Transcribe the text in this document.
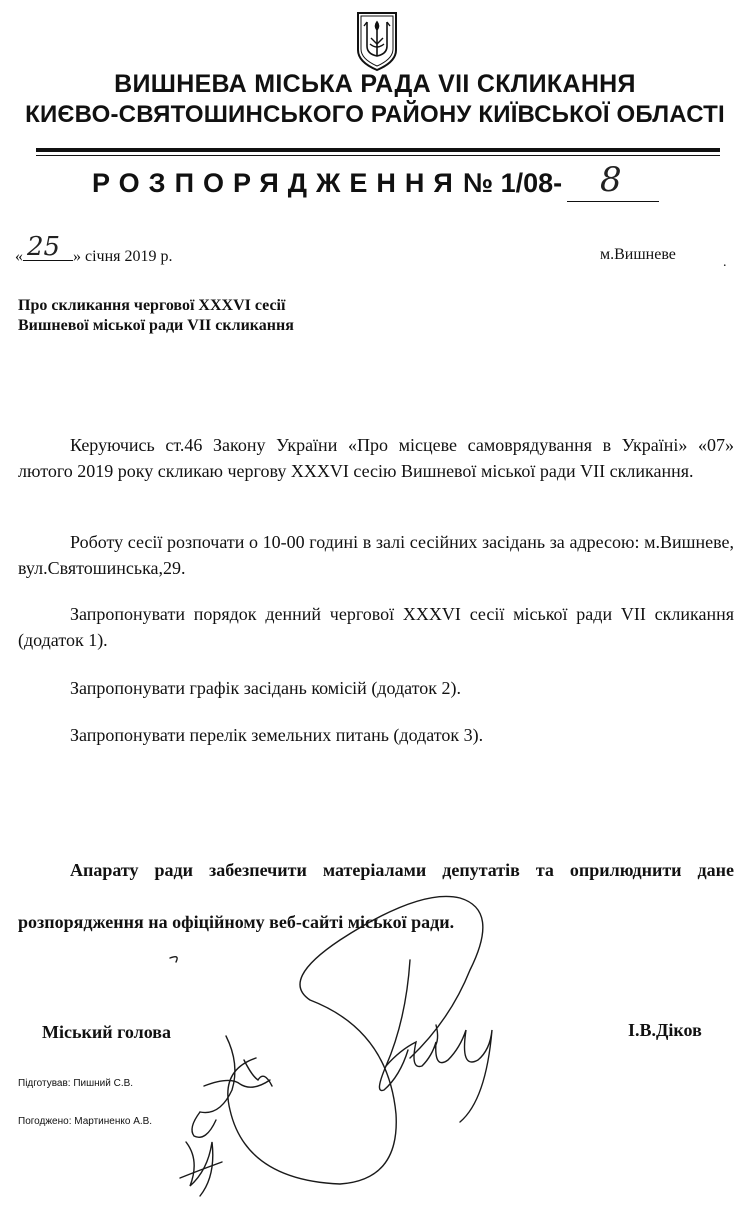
ВИШНЕВА МІСЬКА РАДА VII СКЛИКАННЯ
КИЄВО-СВЯТОШИНСЬКОГО РАЙОНУ КИЇВСЬКОЇ ОБЛАСТІ
РОЗПОРЯДЖЕННЯ № 1/08- 8
« 25 » січня 2019 р.	м.Вишневе	.
Про скликання чергової XXXVI сесії
Вишневої міської ради VII скликання
Керуючись ст.46 Закону України «Про місцеве самоврядування в Україні» «07» лютого 2019 року скликаю чергову XXXVI сесію Вишневої міської ради VII скликання.
Роботу сесії розпочати о 10-00 годині в залі сесійних засідань за адресою: м.Вишневе, вул.Святошинська,29.
Запропонувати порядок денний чергової XXXVI сесії міської ради VII скликання (додаток 1).
Запропонувати графік засідань комісій (додаток 2).
Запропонувати перелік земельних питань (додаток 3).
Апарату ради забезпечити матеріалами депутатів та оприлюднити дане розпорядження на офіційному веб-сайті міської ради.
Міський голова	І.В.Діков
Підготував: Пишний С.В.
Погоджено: Мартиненко А.В.
